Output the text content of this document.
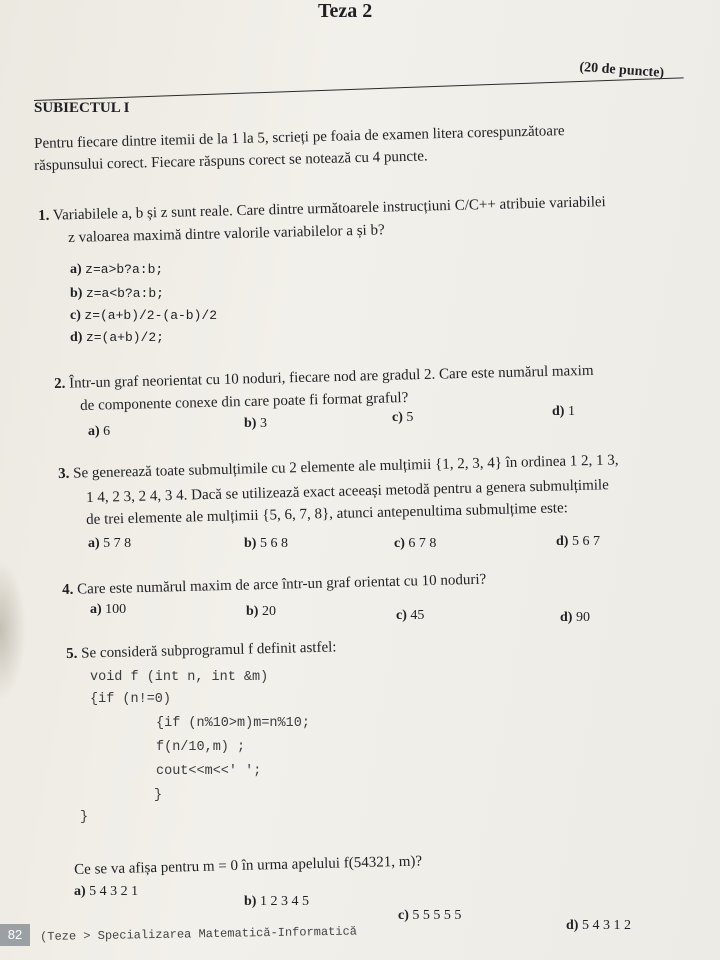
Teza 2
(20 de puncte)
SUBIECTUL I
Pentru fiecare dintre itemii de la 1 la 5, scrieți pe foaia de examen litera corespunzătoare
răspunsului corect. Fiecare răspuns corect se notează cu 4 puncte.
1. Variabilele a, b și z sunt reale. Care dintre următoarele instrucțiuni C/C++ atribuie variabilei
z valoarea maximă dintre valorile variabilelor a și b?
a) z=a>b?a:b;
b) z=a<b?a:b;
c) z=(a+b)/2-(a-b)/2
d) z=(a+b)/2;
2. Într-un graf neorientat cu 10 noduri, fiecare nod are gradul 2. Care este numărul maxim
de componente conexe din care poate fi format graful?
a) 6
b) 3	c) 5	d) 1
3. Se generează toate submulțimile cu 2 elemente ale mulțimii {1, 2, 3, 4} în ordinea 1 2, 1 3,
1 4, 2 3, 2 4, 3 4. Dacă se utilizează exact aceeași metodă pentru a genera submulțimile
de trei elemente ale mulțimii {5, 6, 7, 8}, atunci antepenultima submulțime este:
a) 5 7 8	b) 5 6 8	c) 6 7 8	d) 5 6 7
4. Care este numărul maxim de arce într-un graf orientat cu 10 noduri?
a) 100	b) 20	c) 45	d) 90
5. Se consideră subprogramul f definit astfel:
void f (int n, int &m)
{if (n!=0)
{if (n%10>m)m=n%10;
f(n/10,m) ;
cout<<m<<' ';
}
}
Ce se va afișa pentru m = 0 în urma apelului f(54321, m)?
a) 5 4 3 2 1
b) 1 2 3 4 5
c) 5 5 5 5 5
d) 5 4 3 1 2
82	(Teze > Specializarea Matematică-Informatică
